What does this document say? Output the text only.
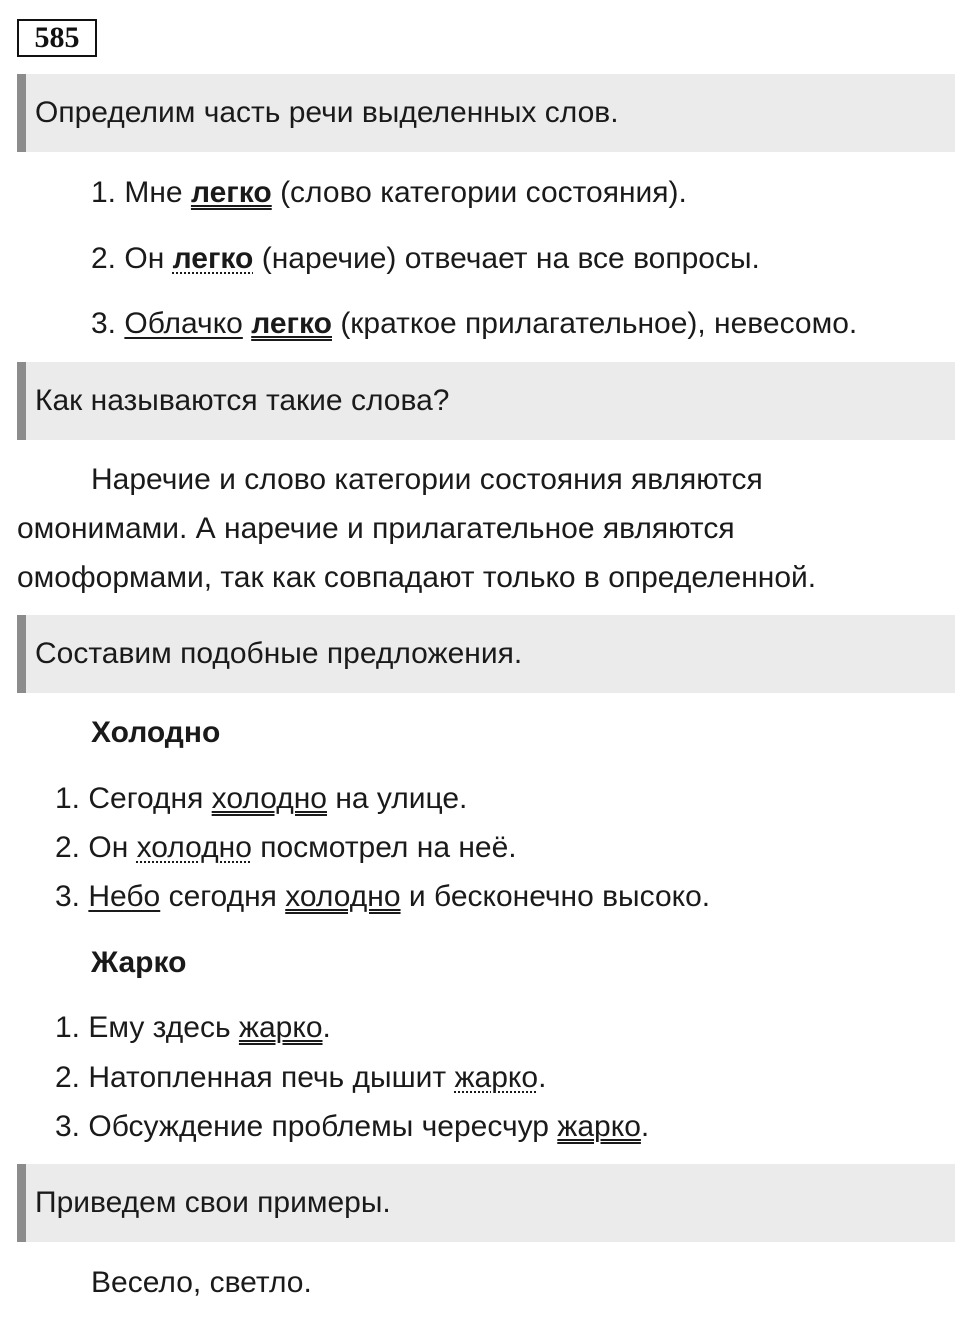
585
Определим часть речи выделенных слов.
1. Мне легко (слово категории состояния).
2. Он легко (наречие) отвечает на все вопросы.
3. Облачко легко (краткое прилагательное), невесомо.
Как называются такие слова?
Наречие и слово категории состояния являются
омонимами. А наречие и прилагательное являются
омоформами, так как совпадают только в определенной.
Составим подобные предложения.
Холодно
1. Сегодня холодно на улице.
2. Он холодно посмотрел на неё.
3. Небо сегодня холодно и бесконечно высоко.
Жарко
1. Ему здесь жарко.
2. Натопленная печь дышит жарко.
3. Обсуждение проблемы чересчур жарко.
Приведем свои примеры.
Весело, светло.
